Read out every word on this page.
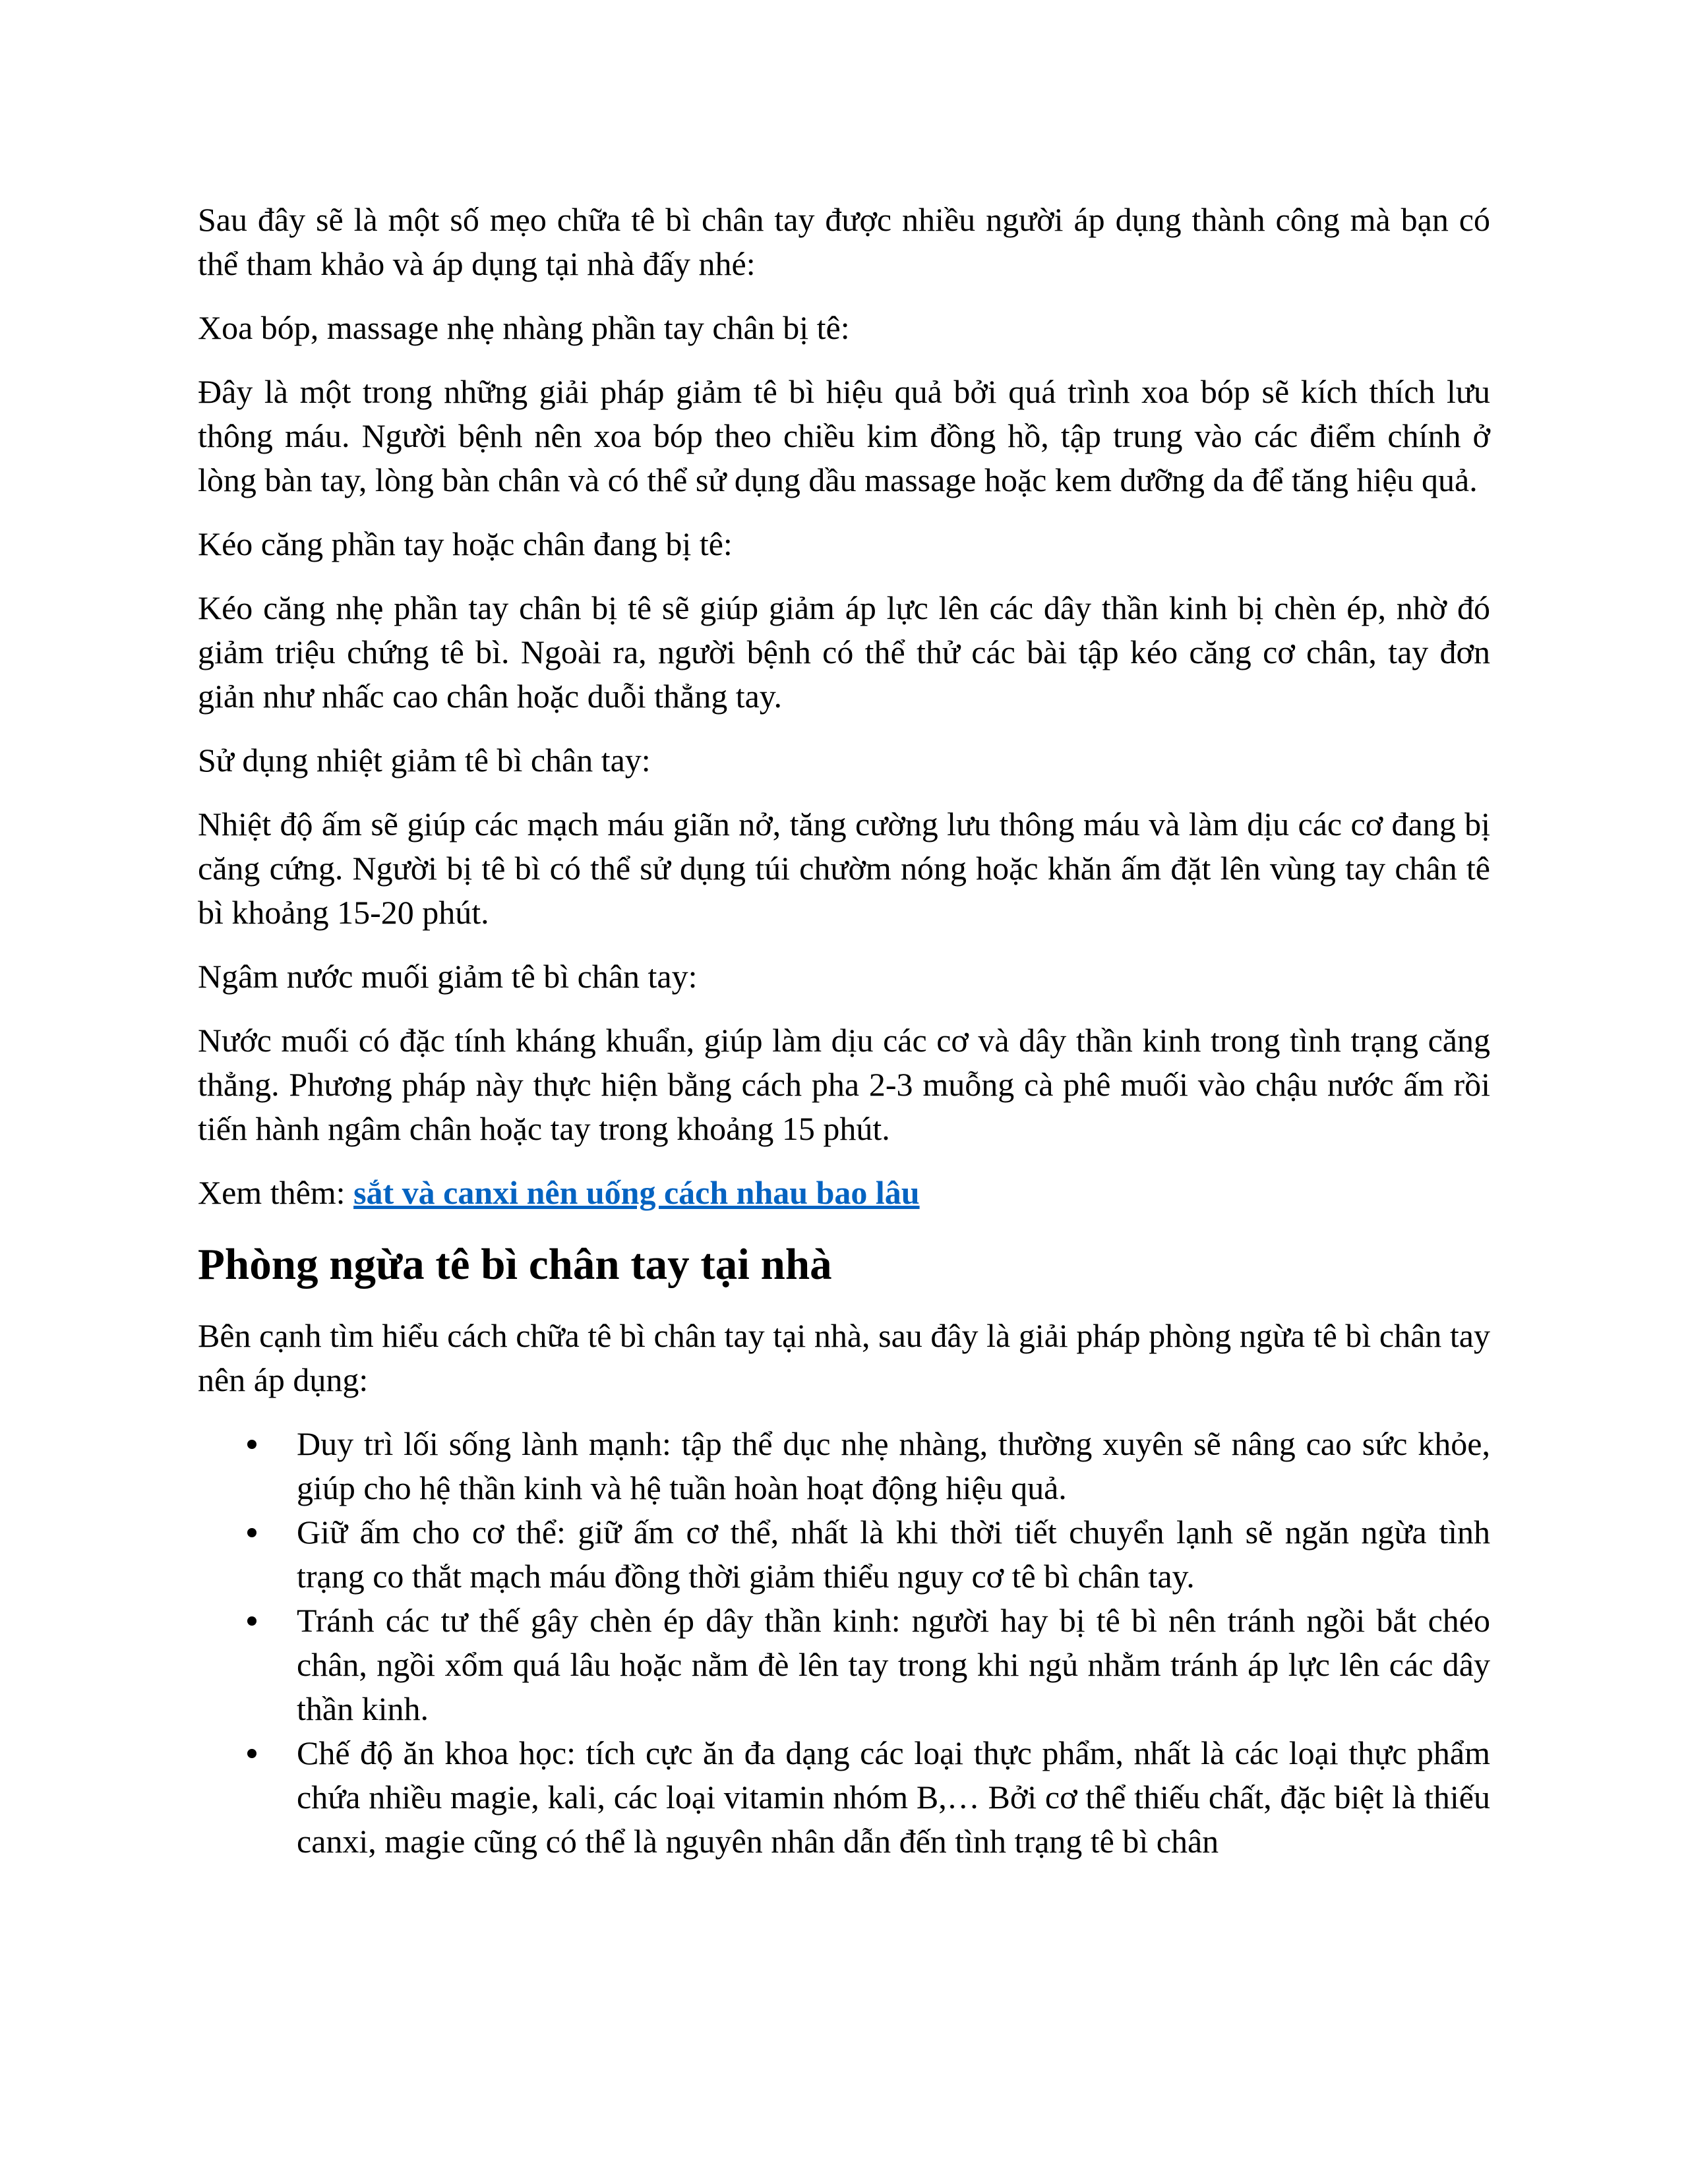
Sau đây sẽ là một số mẹo chữa tê bì chân tay được nhiều người áp dụng thành công mà bạn có thể tham khảo và áp dụng tại nhà đấy nhé:

Xoa bóp, massage nhẹ nhàng phần tay chân bị tê:

Đây là một trong những giải pháp giảm tê bì hiệu quả bởi quá trình xoa bóp sẽ kích thích lưu thông máu. Người bệnh nên xoa bóp theo chiều kim đồng hồ, tập trung vào các điểm chính ở lòng bàn tay, lòng bàn chân và có thể sử dụng dầu massage hoặc kem dưỡng da để tăng hiệu quả.

Kéo căng phần tay hoặc chân đang bị tê:

Kéo căng nhẹ phần tay chân bị tê sẽ giúp giảm áp lực lên các dây thần kinh bị chèn ép, nhờ đó giảm triệu chứng tê bì. Ngoài ra, người bệnh có thể thử các bài tập kéo căng cơ chân, tay đơn giản như nhấc cao chân hoặc duỗi thẳng tay.

Sử dụng nhiệt giảm tê bì chân tay:

Nhiệt độ ấm sẽ giúp các mạch máu giãn nở, tăng cường lưu thông máu và làm dịu các cơ đang bị căng cứng. Người bị tê bì có thể sử dụng túi chườm nóng hoặc khăn ấm đặt lên vùng tay chân tê bì khoảng 15-20 phút.

Ngâm nước muối giảm tê bì chân tay:

Nước muối có đặc tính kháng khuẩn, giúp làm dịu các cơ và dây thần kinh trong tình trạng căng thẳng. Phương pháp này thực hiện bằng cách pha 2-3 muỗng cà phê muối vào chậu nước ấm rồi tiến hành ngâm chân hoặc tay trong khoảng 15 phút.

Xem thêm: sắt và canxi nên uống cách nhau bao lâu

Phòng ngừa tê bì chân tay tại nhà

Bên cạnh tìm hiểu cách chữa tê bì chân tay tại nhà, sau đây là giải pháp phòng ngừa tê bì chân tay nên áp dụng:

Duy trì lối sống lành mạnh: tập thể dục nhẹ nhàng, thường xuyên sẽ nâng cao sức khỏe, giúp cho hệ thần kinh và hệ tuần hoàn hoạt động hiệu quả.
Giữ ấm cho cơ thể: giữ ấm cơ thể, nhất là khi thời tiết chuyển lạnh sẽ ngăn ngừa tình trạng co thắt mạch máu đồng thời giảm thiểu nguy cơ tê bì chân tay.
Tránh các tư thế gây chèn ép dây thần kinh: người hay bị tê bì nên tránh ngồi bắt chéo chân, ngồi xổm quá lâu hoặc nằm đè lên tay trong khi ngủ nhằm tránh áp lực lên các dây thần kinh.
Chế độ ăn khoa học: tích cực ăn đa dạng các loại thực phẩm, nhất là các loại thực phẩm chứa nhiều magie, kali, các loại vitamin nhóm B,… Bởi cơ thể thiếu chất, đặc biệt là thiếu canxi, magie cũng có thể là nguyên nhân dẫn đến tình trạng tê bì chân
